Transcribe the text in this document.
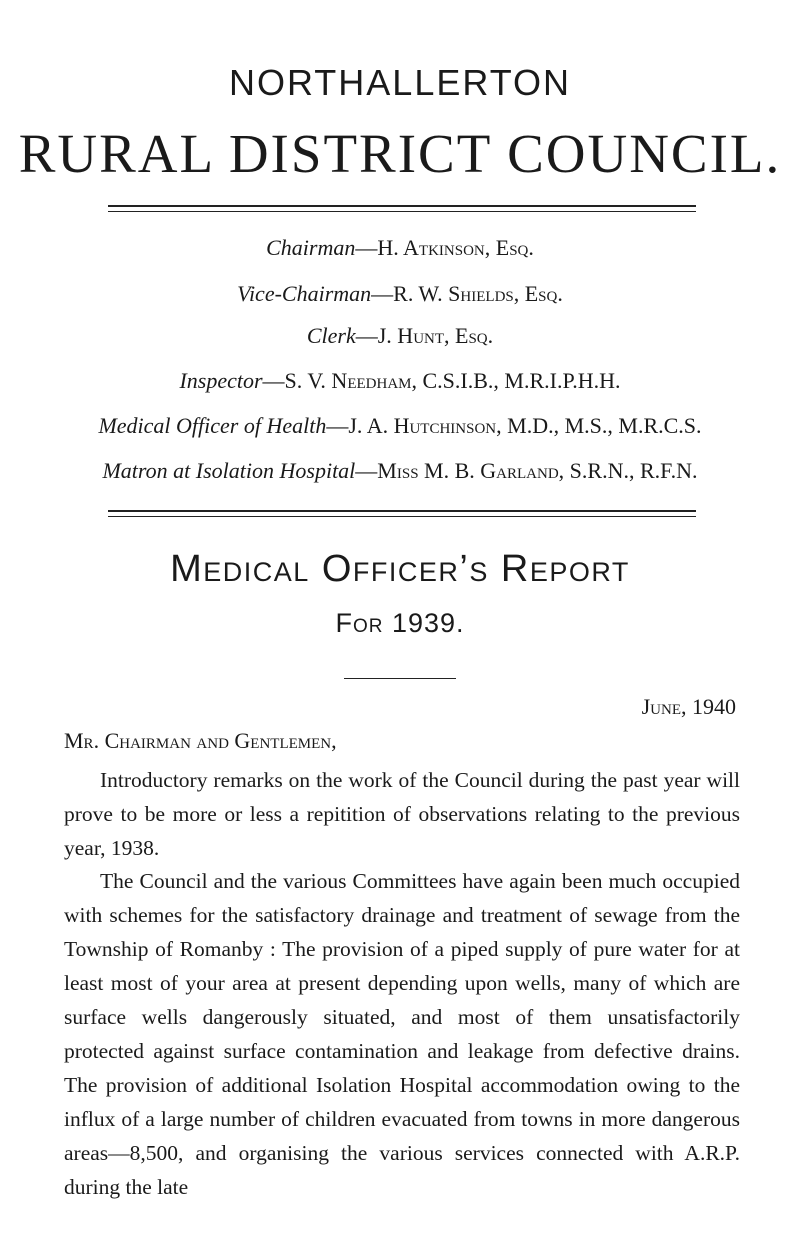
NORTHALLERTON
RURAL DISTRICT COUNCIL.
Chairman—H. Atkinson, Esq.
Vice-Chairman—R. W. Shields, Esq.
Clerk—J. Hunt, Esq.
Inspector—S. V. Needham, C.S.I.B., M.R.I.P.H.H.
Medical Officer of Health—J. A. Hutchinson, M.D., M.S., M.R.C.S.
Matron at Isolation Hospital—Miss M. B. Garland, S.R.N., R.F.N.
Medical Officer’s Report
For 1939.
June, 1940
Mr. Chairman and Gentlemen,

Introductory remarks on the work of the Council during the past year will prove to be more or less a repitition of observations relating to the previous year, 1938.

The Council and the various Committees have again been much occupied with schemes for the satisfactory drainage and treatment of sewage from the Township of Romanby : The provision of a piped supply of pure water for at least most of your area at present depending upon wells, many of which are surface wells dangerously situated, and most of them unsatisfactorily protected against surface contamination and leakage from defective drains. The provision of additional Isolation Hospital accommodation owing to the influx of a large number of children evacuated from towns in more dangerous areas—8,500, and organising the various services connected with A.R.P. during the late
